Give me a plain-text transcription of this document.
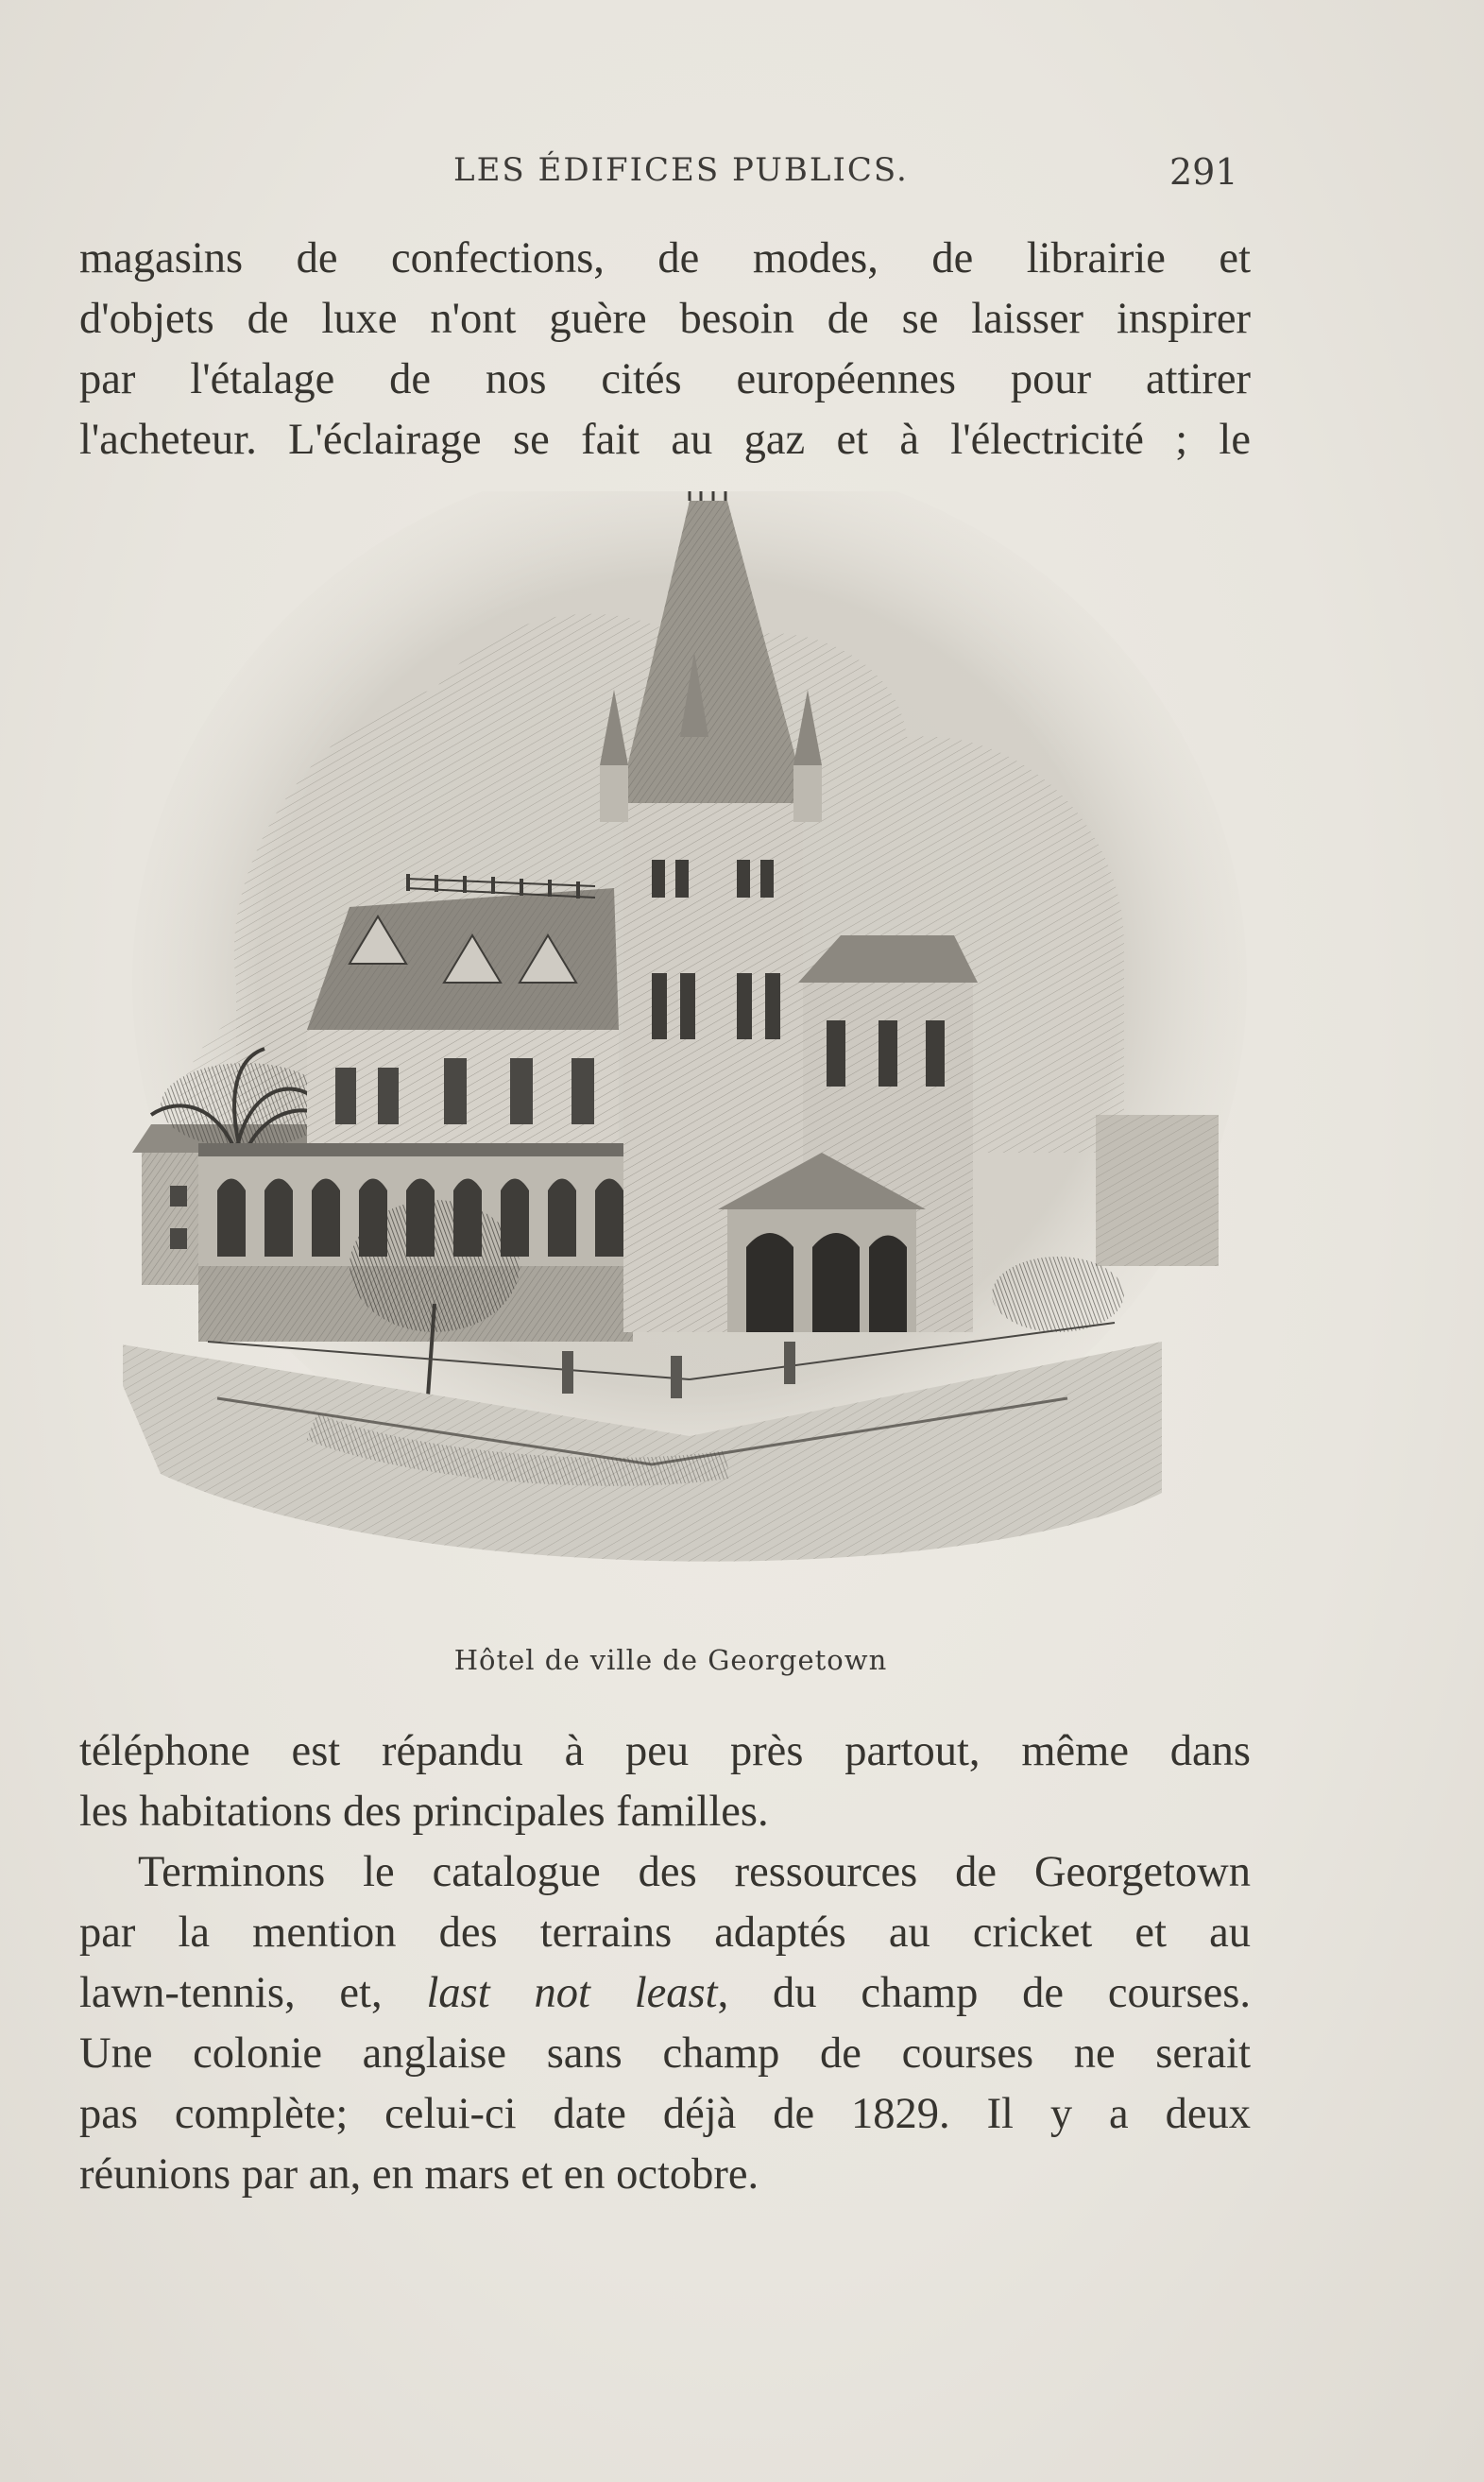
LES ÉDIFICES PUBLICS.	291

magasins de confections, de modes, de librairie et
d'objets de luxe n'ont guère besoin de se laisser inspirer
par l'étalage de nos cités européennes pour attirer
l'acheteur. L'éclairage se fait au gaz et à l'électricité ; le

Hôtel de ville de Georgetown

téléphone est répandu à peu près partout, même dans
les habitations des principales familles.

Terminons le catalogue des ressources de Georgetown
par la mention des terrains adaptés au cricket et au
lawn-tennis, et, last not least, du champ de courses.
Une colonie anglaise sans champ de courses ne serait
pas complète; celui-ci date déjà de 1829. Il y a deux
réunions par an, en mars et en octobre.
